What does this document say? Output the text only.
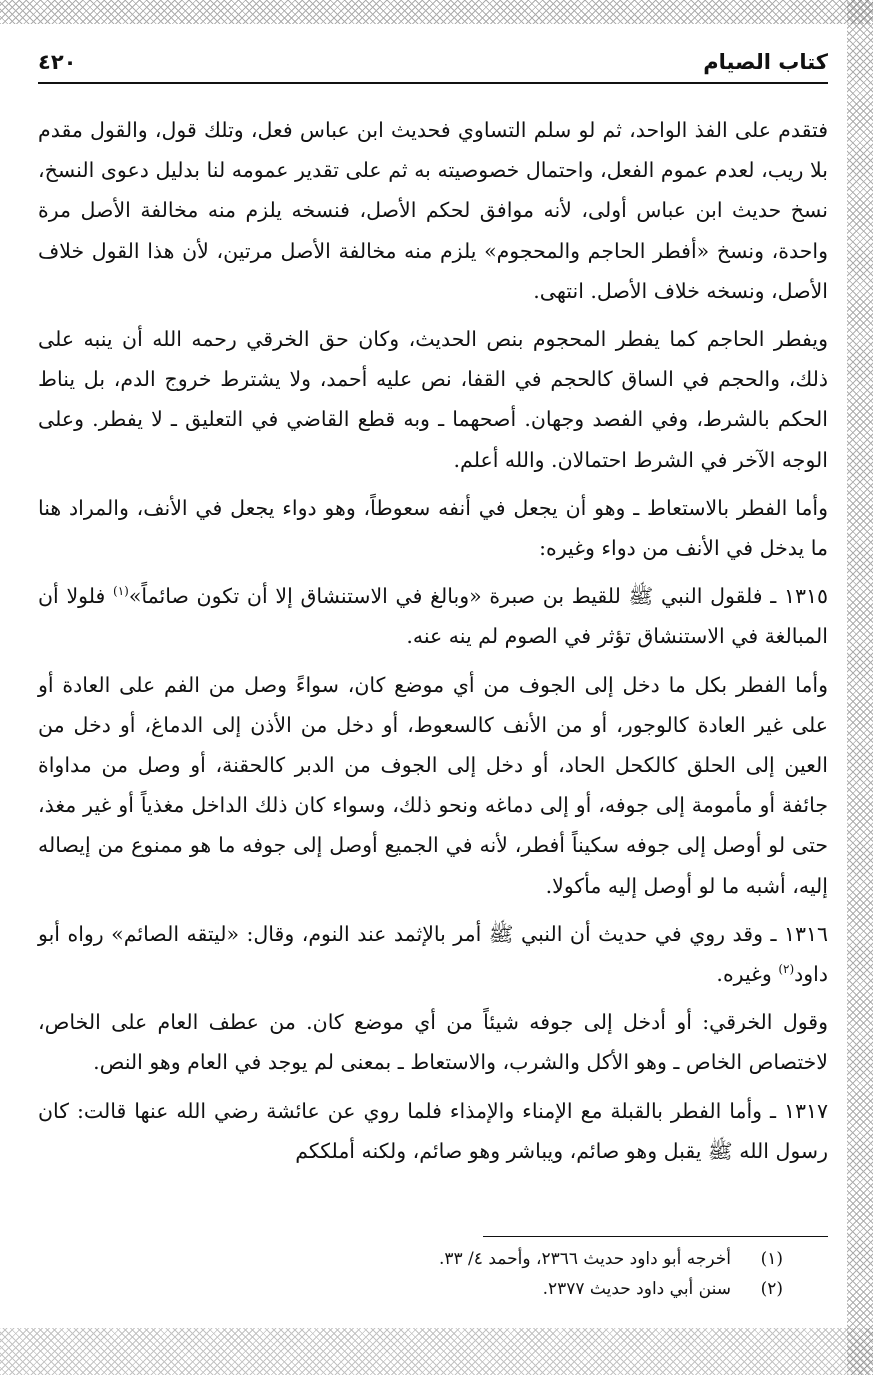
كتاب الصيام
٤٢٠

فتقدم على الفذ الواحد، ثم لو سلم التساوي فحديث ابن عباس فعل، وتلك قول، والقول مقدم بلا ريب، لعدم عموم الفعل، واحتمال خصوصيته به ثم على تقدير عمومه لنا بدليل دعوى النسخ، نسخ حديث ابن عباس أولى، لأنه موافق لحكم الأصل، فنسخه يلزم منه مخالفة الأصل مرة واحدة، ونسخ «أفطر الحاجم والمحجوم» يلزم منه مخالفة الأصل مرتين، لأن هذا القول خلاف الأصل، ونسخه خلاف الأصل. انتهى.

ويفطر الحاجم كما يفطر المحجوم بنص الحديث، وكان حق الخرقي رحمه الله أن ينبه على ذلك، والحجم في الساق كالحجم في القفا، نص عليه أحمد، ولا يشترط خروج الدم، بل يناط الحكم بالشرط، وفي الفصد وجهان. أصحهما ـ وبه قطع القاضي في التعليق ـ لا يفطر. وعلى الوجه الآخر في الشرط احتمالان. والله أعلم.

وأما الفطر بالاستعاط ـ وهو أن يجعل في أنفه سعوطاً، وهو دواء يجعل في الأنف، والمراد هنا ما يدخل في الأنف من دواء وغيره:

١٣١٥ ـ فلقول النبي ﷺ للقيط بن صبرة «وبالغ في الاستنشاق إلا أن تكون صائماً»$^{(١)}$ فلولا أن المبالغة في الاستنشاق تؤثر في الصوم لم ينه عنه.

وأما الفطر بكل ما دخل إلى الجوف من أي موضع كان، سواءً وصل من الفم على العادة أو على غير العادة كالوجور، أو من الأنف كالسعوط، أو دخل من الأذن إلى الدماغ، أو دخل من العين إلى الحلق كالكحل الحاد، أو دخل إلى الجوف من الدبر كالحقنة، أو وصل من مداواة جائفة أو مأمومة إلى جوفه، أو إلى دماغه ونحو ذلك، وسواء كان ذلك الداخل مغذياً أو غير مغذ، حتى لو أوصل إلى جوفه سكيناً أفطر، لأنه في الجميع أوصل إلى جوفه ما هو ممنوع من إيصاله إليه، أشبه ما لو أوصل إليه مأكولا.

١٣١٦ ـ وقد روي في حديث أن النبي ﷺ أمر بالإثمد عند النوم، وقال: «ليتقه الصائم» رواه أبو داود$^{(٢)}$ وغيره.

وقول الخرقي: أو أدخل إلى جوفه شيئاً من أي موضع كان. من عطف العام على الخاص، لاختصاص الخاص ـ وهو الأكل والشرب، والاستعاط ـ بمعنى لم يوجد في العام وهو النص.

١٣١٧ ـ وأما الفطر بالقبلة مع الإمناء والإمذاء فلما روي عن عائشة رضي الله عنها قالت: كان رسول الله ﷺ يقبل وهو صائم، ويباشر وهو صائم، ولكنه أملككم

(١)أخرجه أبو داود حديث ٢٣٦٦، وأحمد ٤/ ٣٣.
(٢)سنن أبي داود حديث ٢٣٧٧.
